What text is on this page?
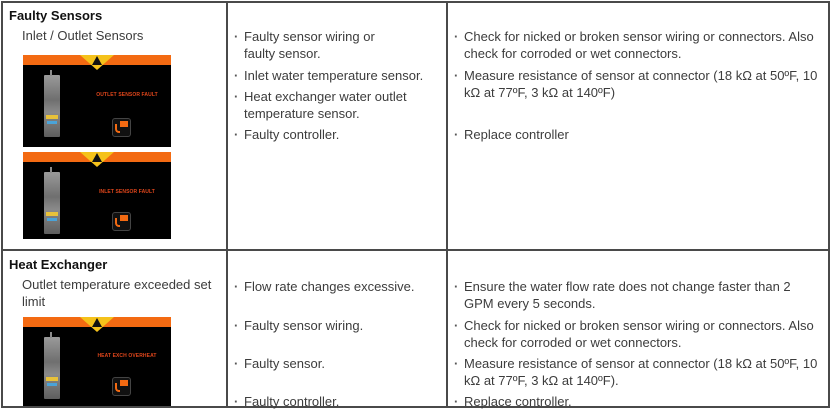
Faulty Sensors
Inlet / Outlet Sensors
OUTLET SENSOR FAULT
INLET SENSOR FAULT
· Faulty sensor wiring or faulty sensor.
· Inlet water temperature sensor.
· Heat exchanger water outlet temperature sensor.
· Faulty controller.
· Check for nicked or broken sensor wiring or connectors. Also check for corroded or wet connectors.
· Measure resistance of sensor at connector (18 kΩ at 50ºF, 10 kΩ at 77ºF, 3 kΩ at 140ºF)
· Replace controller
Heat Exchanger
Outlet temperature exceeded set limit
HEAT EXCH OVERHEAT
· Flow rate changes excessive.
· Faulty sensor wiring.
· Faulty sensor.
· Faulty controller.
· Ensure the water flow rate does not change faster than 2 GPM every 5 seconds.
· Check for nicked or broken sensor wiring or connectors. Also check for corroded or wet connectors.
· Measure resistance of sensor at connector (18 kΩ at 50ºF, 10 kΩ at 77ºF, 3 kΩ at 140ºF).
· Replace controller.
